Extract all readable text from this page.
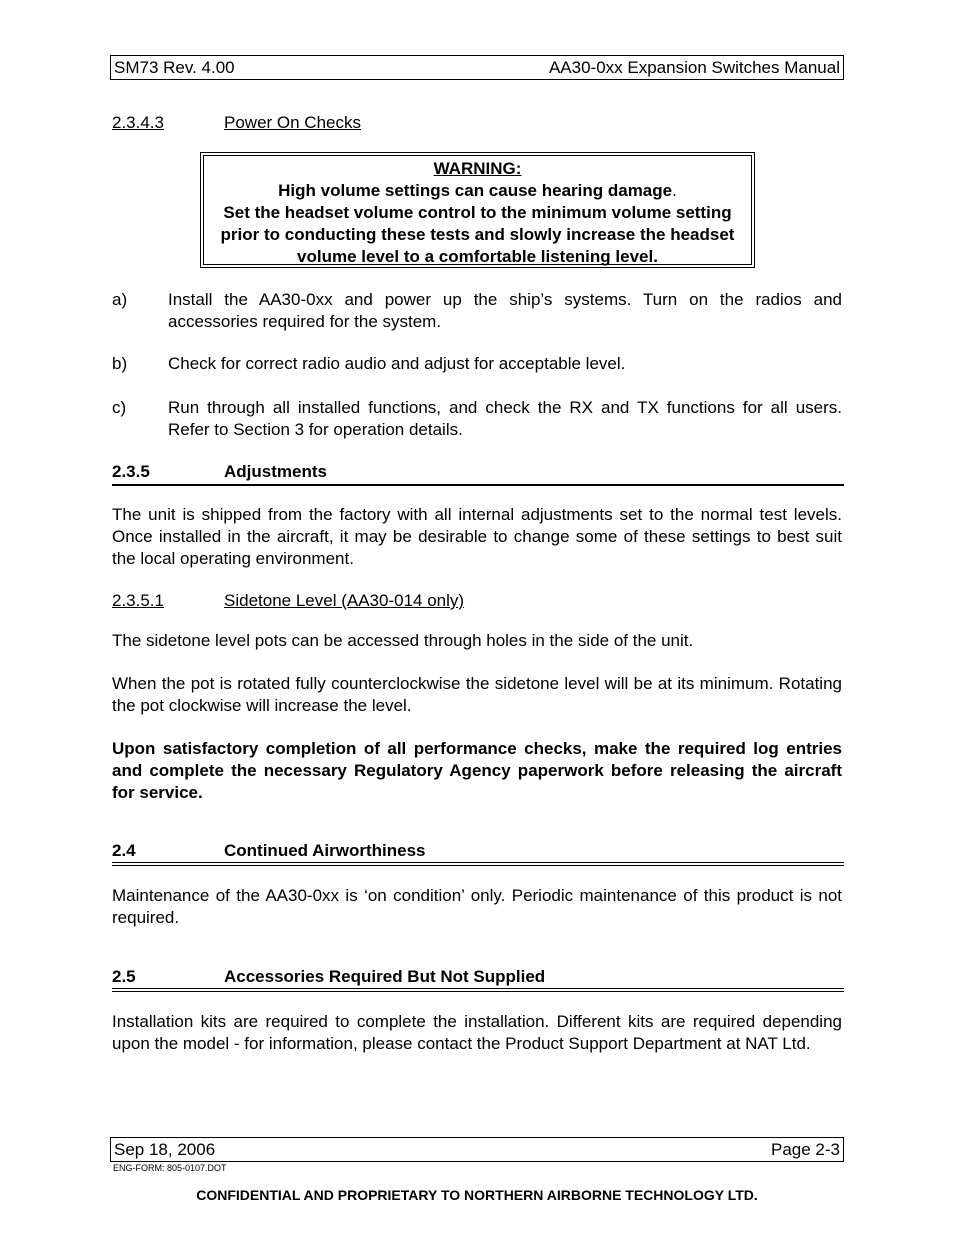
SM73 Rev. 4.00	AA30-0xx Expansion Switches Manual
2.3.4.3	Power On Checks
WARNING:
High volume settings can cause hearing damage.
Set the headset volume control to the minimum volume setting prior to conducting these tests and slowly increase the headset volume level to a comfortable listening level.
a) Install the AA30-0xx and power up the ship’s systems. Turn on the radios and accessories required for the system.
b) Check for correct radio audio and adjust for acceptable level.
c) Run through all installed functions, and check the RX and TX functions for all users. Refer to Section 3 for operation details.
2.3.5	Adjustments
The unit is shipped from the factory with all internal adjustments set to the normal test levels. Once installed in the aircraft, it may be desirable to change some of these settings to best suit the local operating environment.
2.3.5.1	Sidetone Level (AA30-014 only)
The sidetone level pots can be accessed through holes in the side of the unit.
When the pot is rotated fully counterclockwise the sidetone level will be at its minimum. Rotating the pot clockwise will increase the level.
Upon satisfactory completion of all performance checks, make the required log entries and complete the necessary Regulatory Agency paperwork before releasing the aircraft for service.
2.4	Continued Airworthiness
Maintenance of the AA30-0xx is ‘on condition’ only. Periodic maintenance of this product is not required.
2.5	Accessories Required But Not Supplied
Installation kits are required to complete the installation. Different kits are required depending upon the model - for information, please contact the Product Support Department at NAT Ltd.
Sep 18, 2006	Page 2-3
ENG-FORM: 805-0107.DOT
CONFIDENTIAL AND PROPRIETARY TO NORTHERN AIRBORNE TECHNOLOGY LTD.
